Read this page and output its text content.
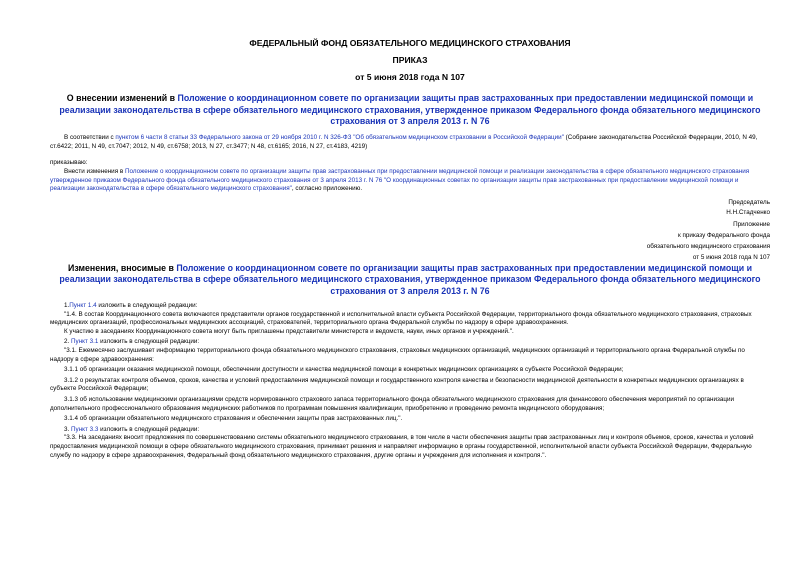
ФЕДЕРАЛЬНЫЙ ФОНД ОБЯЗАТЕЛЬНОГО МЕДИЦИНСКОГО СТРАХОВАНИЯ
ПРИКАЗ
от 5 июня 2018 года N 107
О внесении изменений в Положение о координационном совете по организации защиты прав застрахованных при предоставлении медицинской помощи и реализации законодательства в сфере обязательного медицинского страхования, утвержденное приказом Федерального фонда обязательного медицинского страхования от 3 апреля 2013 г. N 76
В соответствии с пунктом 6 части 8 статьи 33 Федерального закона от 29 ноября 2010 г. N 326-ФЗ "Об обязательном медицинском страховании в Российской Федерации" (Собрание законодательства Российской Федерации, 2010, N 49, ст.6422; 2011, N 49, ст.7047; 2012, N 49, ст.6758; 2013, N 27, ст.3477; N 48, ст.6165; 2016, N 27, ст.4183, 4219)
приказываю:
Внести изменения в Положение о координационном совете по организации защиты прав застрахованных при предоставлении медицинской помощи и реализации законодательства в сфере обязательного медицинского страхования утвержденное приказом Федерального фонда обязательного медицинского страхования от 3 апреля 2013 г. N 76 "О координационных советах по организации защиты прав застрахованных при предоставлении медицинской помощи и реализации законодательства в сфере обязательного медицинского страхования", согласно приложению.
Председатель
Н.Н.Стадченко
Приложение
к приказу Федерального фонда
обязательного медицинского страхования
от 5 июня 2018 года N 107
Изменения, вносимые в Положение о координационном совете по организации защиты прав застрахованных при предоставлении медицинской помощи и реализации законодательства в сфере обязательного медицинского страхования, утвержденное приказом Федерального фонда обязательного медицинского страхования от 3 апреля 2013 г. N 76

1.Пункт 1.4 изложить в следующей редакции:

"1.4. В состав Координационного совета включаются представители органов государственной и исполнительной власти субъекта Российской Федерации, территориального фонда обязательного медицинского страхования, страховых медицинских организаций, профессиональных медицинских ассоциаций, страхователей, территориального органа Федеральной службы по надзору в сфере здравоохранения.

К участию в заседаниях Координационного совета могут быть приглашены представители министерств и ведомств, науки, иных органов и учреждений.".

2. Пункт 3.1 изложить в следующей редакции:

"3.1. Ежемесячно заслушивает информацию территориального фонда обязательного медицинского страхования, страховых медицинских организаций, медицинских организаций и территориального органа Федеральной службы по надзору в сфере здравоохранения:

3.1.1 об организации оказания медицинской помощи, обеспечении доступности и качества медицинской помощи в конкретных медицинских организациях в субъекте Российской Федерации;

3.1.2 о результатах контроля объемов, сроков, качества и условий предоставления медицинской помощи и государственного контроля качества и безопасности медицинской деятельности в конкретных медицинских организациях в субъекте Российской Федерации;

3.1.3 об использовании медицинскими организациями средств нормированного страхового запаса территориального фонда обязательного медицинского страхования для финансового обеспечения мероприятий по организации дополнительного профессионального образования медицинских работников по программам повышения квалификации, приобретению и проведению ремонта медицинского оборудования;

3.1.4 об организации обязательного медицинского страхования и обеспечении защиты прав застрахованных лиц.".

3. Пункт 3.3 изложить в следующей редакции:

"3.3. На заседаниях вносит предложения по совершенствованию системы обязательного медицинского страхования, в том числе в части обеспечения защиты прав застрахованных лиц и контроля объемов, сроков, качества и условий предоставления медицинской помощи в сфере обязательного медицинского страхования, принимает решения и направляет информацию в органы государственной, исполнительной власти субъекта Российской Федерации, Федеральную службу по надзору в сфере здравоохранения, Федеральный фонд обязательного медицинского страхования, другие органы и учреждения для исполнения и контроля.".
